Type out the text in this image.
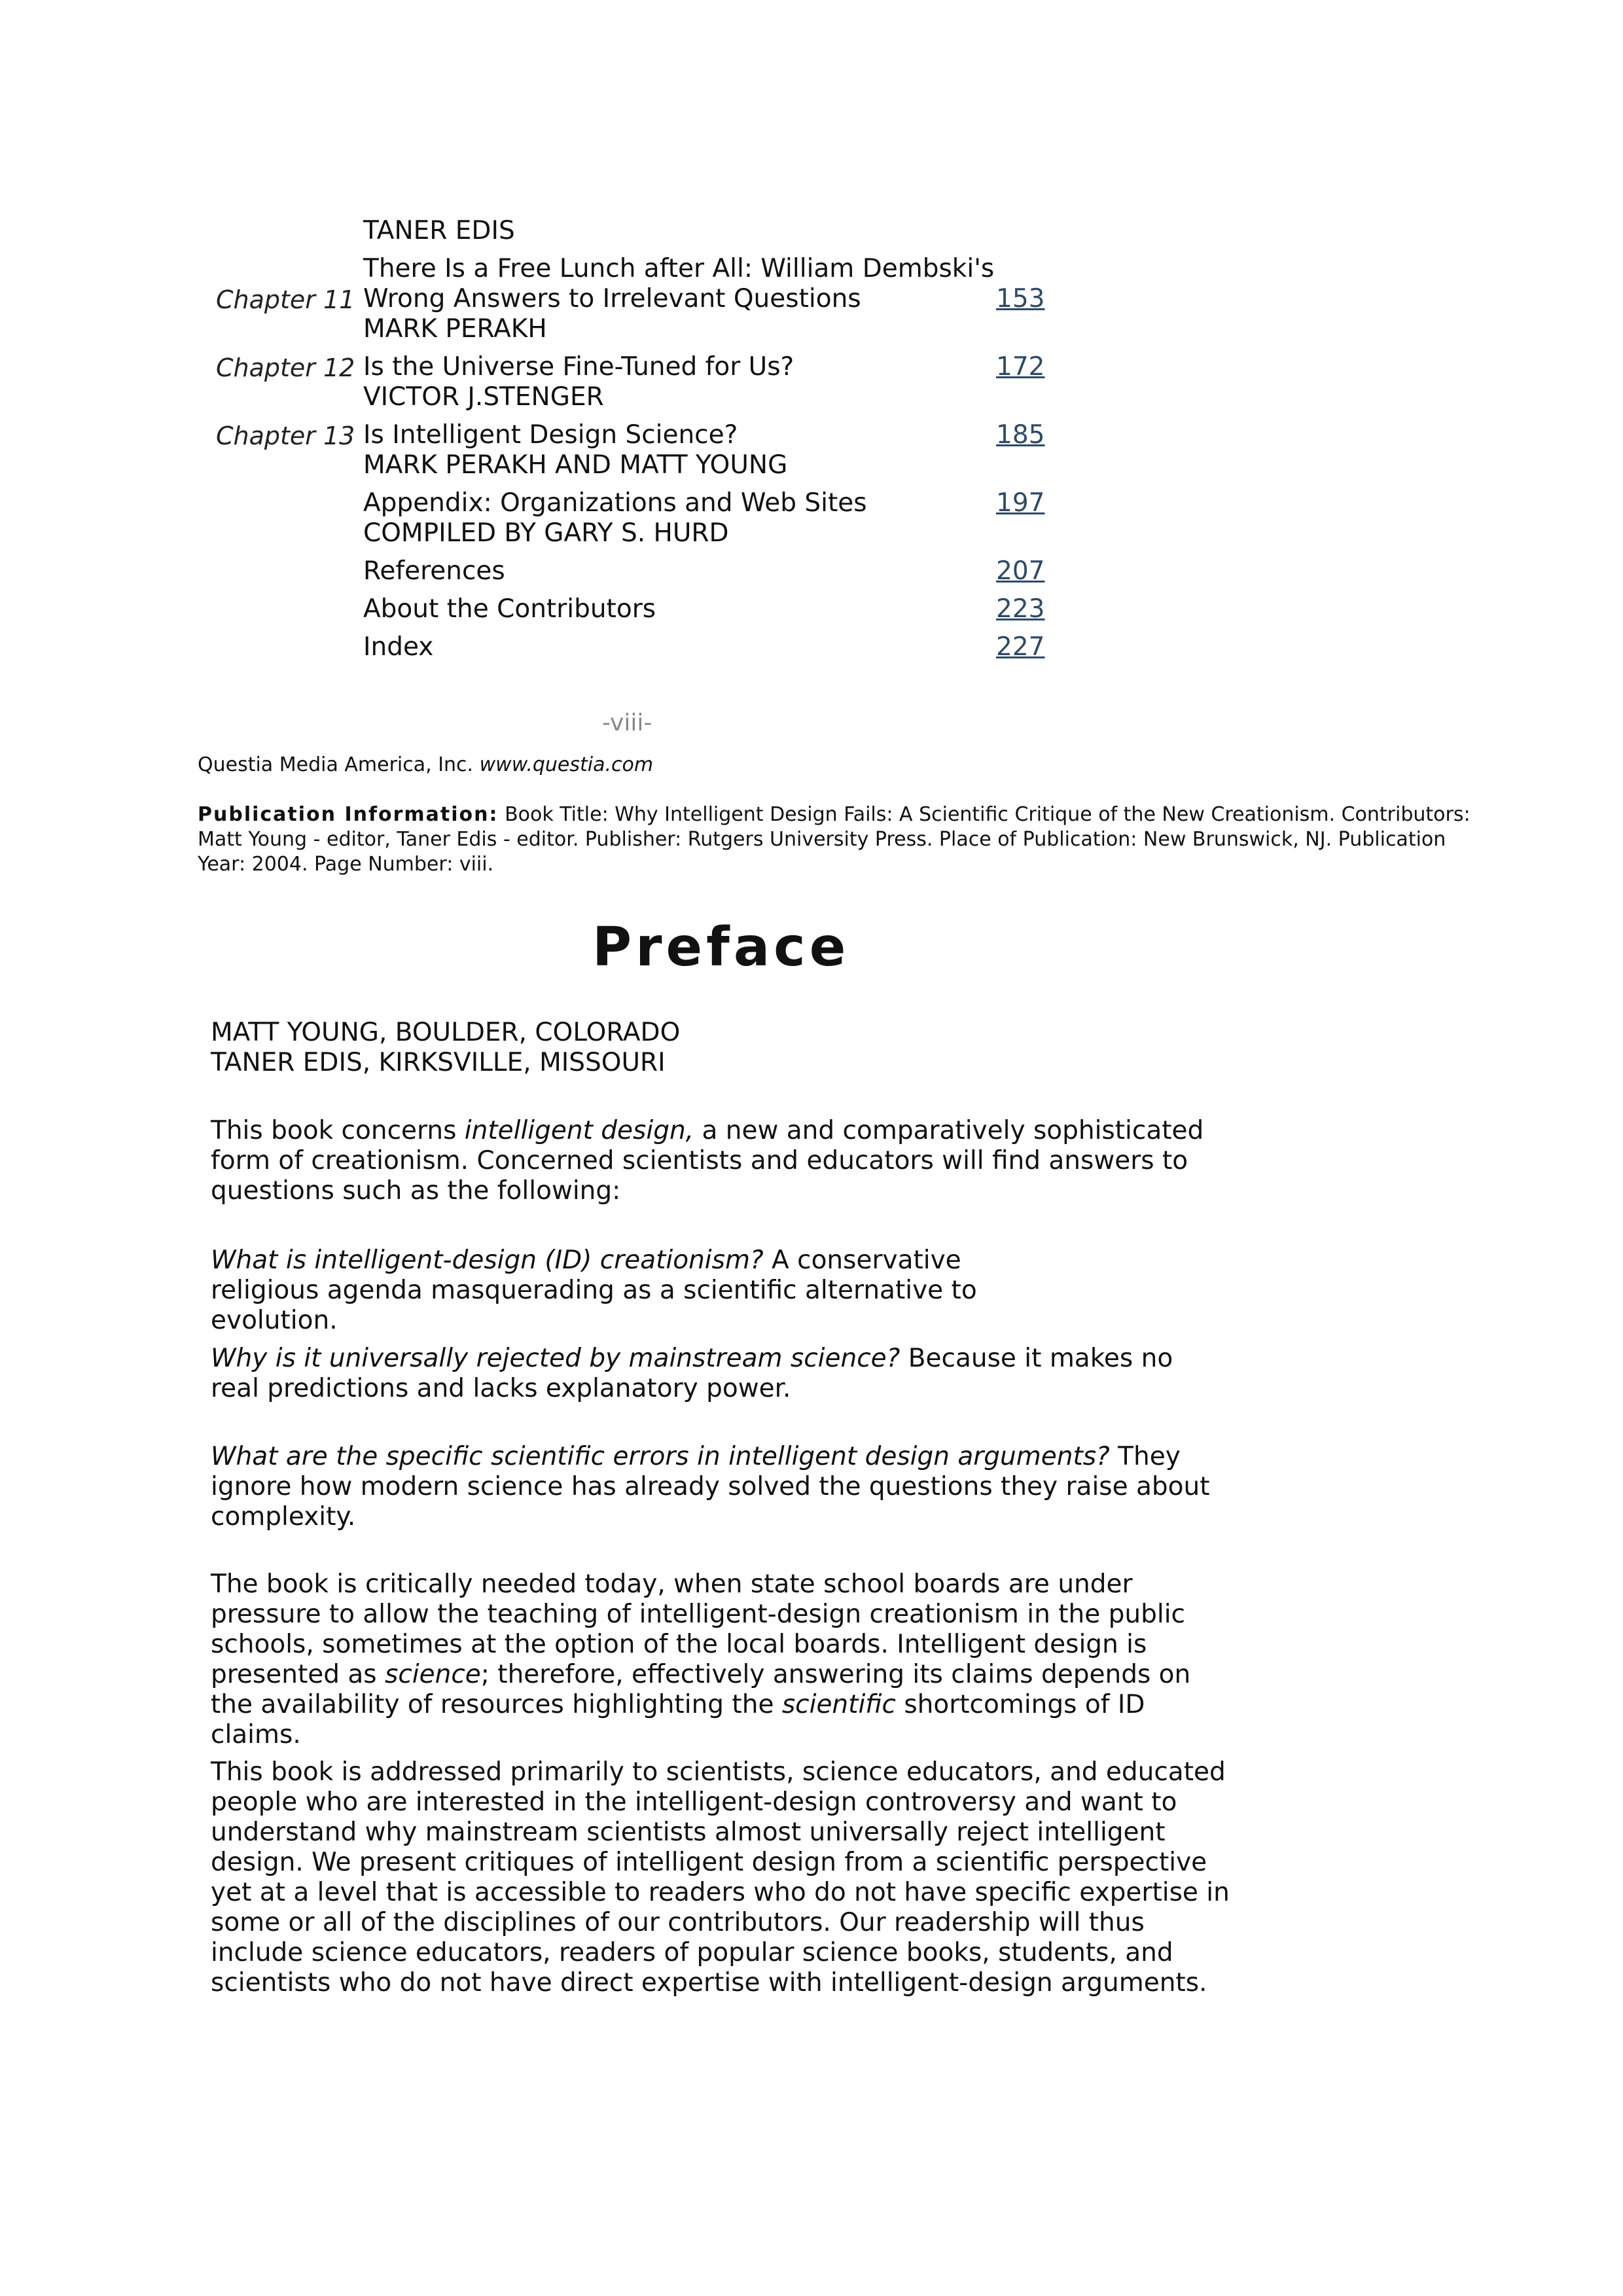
TANER EDIS
There Is a Free Lunch after All: William Dembski's
Chapter 11 Wrong Answers to Irrelevant Questions	153
MARK PERAKH
Chapter 12 Is the Universe Fine-Tuned for Us?	172
VICTOR J.STENGER
Chapter 13 Is Intelligent Design Science?	185
MARK PERAKH AND MATT YOUNG
Appendix: Organizations and Web Sites	197
COMPILED BY GARY S. HURD
References	207
About the Contributors	223
Index	227
-viii-
Questia Media America, Inc. www.questia.com
Publication Information: Book Title: Why Intelligent Design Fails: A Scientific Critique of the New Creationism. Contributors: Matt Young - editor, Taner Edis - editor. Publisher: Rutgers University Press. Place of Publication: New Brunswick, NJ. Publication Year: 2004. Page Number: viii.
Preface
MATT YOUNG, BOULDER, COLORADO
TANER EDIS, KIRKSVILLE, MISSOURI
This book concerns intelligent design, a new and comparatively sophisticated form of creationism. Concerned scientists and educators will find answers to questions such as the following:
What is intelligent-design (ID) creationism? A conservative religious agenda masquerading as a scientific alternative to evolution.
Why is it universally rejected by mainstream science? Because it makes no real predictions and lacks explanatory power.
What are the specific scientific errors in intelligent design arguments? They ignore how modern science has already solved the questions they raise about complexity.
The book is critically needed today, when state school boards are under pressure to allow the teaching of intelligent-design creationism in the public schools, sometimes at the option of the local boards. Intelligent design is presented as science; therefore, effectively answering its claims depends on the availability of resources highlighting the scientific shortcomings of ID claims.
This book is addressed primarily to scientists, science educators, and educated people who are interested in the intelligent-design controversy and want to understand why mainstream scientists almost universally reject intelligent design. We present critiques of intelligent design from a scientific perspective yet at a level that is accessible to readers who do not have specific expertise in some or all of the disciplines of our contributors. Our readership will thus include science educators, readers of popular science books, students, and scientists who do not have direct expertise with intelligent-design arguments.
